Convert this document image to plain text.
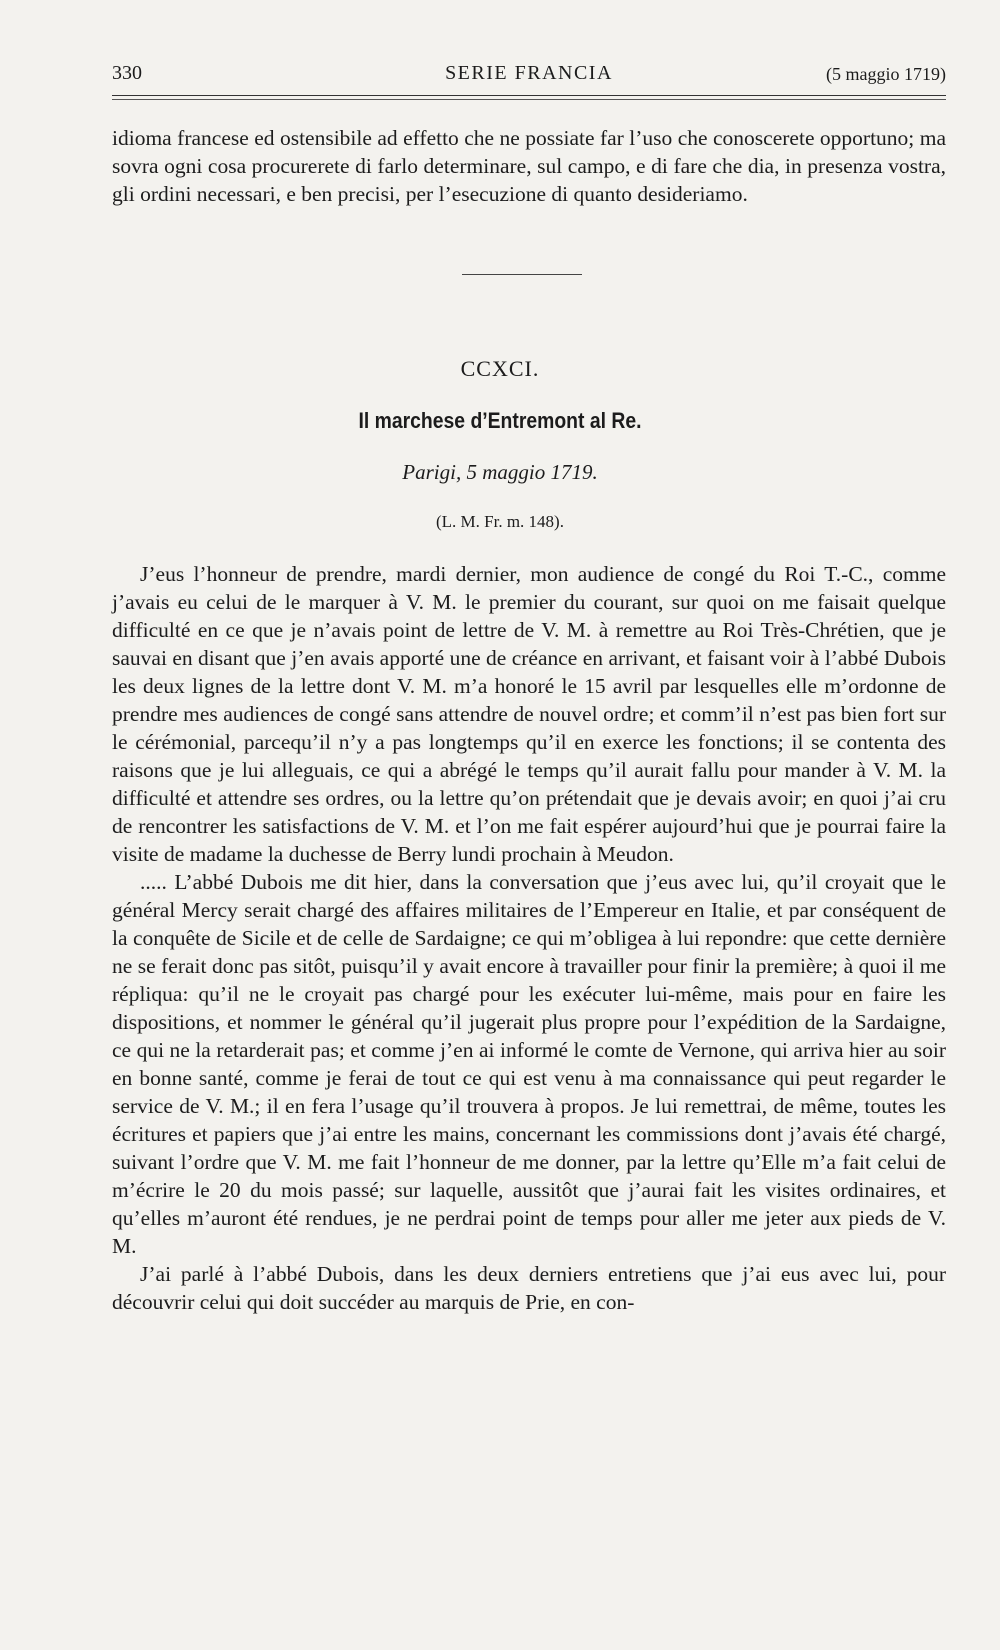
330	SERIE FRANCIA	(5 maggio 1719)

idioma francese ed ostensibile ad effetto che ne possiate far l’uso che conoscerete opportuno; ma sovra ogni cosa procurerete di farlo determinare, sul campo, e di fare che dia, in presenza vostra, gli ordini necessari, e ben precisi, per l’esecuzione di quanto desideriamo.

CCXCI.
Il marchese d’Entremont al Re.
Parigi, 5 maggio 1719.
(L. M. Fr. m. 148).

J’eus l’honneur de prendre, mardi dernier, mon audience de congé du Roi T.-C., comme j’avais eu celui de le marquer à V. M. le premier du courant, sur quoi on me faisait quelque difficulté en ce que je n’avais point de lettre de V. M. à remettre au Roi Très-Chrétien, que je sauvai en disant que j’en avais apporté une de créance en arrivant, et faisant voir à l’abbé Dubois les deux lignes de la lettre dont V. M. m’a honoré le 15 avril par lesquelles elle m’ordonne de prendre mes audiences de congé sans attendre de nouvel ordre; et comm’il n’est pas bien fort sur le cérémonial, parcequ’il n’y a pas longtemps qu’il en exerce les fonctions; il se contenta des raisons que je lui alleguais, ce qui a abrégé le temps qu’il aurait fallu pour mander à V. M. la difficulté et attendre ses ordres, ou la lettre qu’on prétendait que je devais avoir; en quoi j’ai cru de rencontrer les satisfactions de V. M. et l’on me fait espérer aujourd’hui que je pourrai faire la visite de madame la duchesse de Berry lundi prochain à Meudon.

..... L’abbé Dubois me dit hier, dans la conversation que j’eus avec lui, qu’il croyait que le général Mercy serait chargé des affaires militaires de l’Empereur en Italie, et par conséquent de la conquête de Sicile et de celle de Sardaigne; ce qui m’obligea à lui repondre: que cette dernière ne se ferait donc pas sitôt, puisqu’il y avait encore à travailler pour finir la première; à quoi il me répliqua: qu’il ne le croyait pas chargé pour les exécuter lui-même, mais pour en faire les dispositions, et nommer le général qu’il jugerait plus propre pour l’expédition de la Sardaigne, ce qui ne la retarderait pas; et comme j’en ai informé le comte de Vernone, qui arriva hier au soir en bonne santé, comme je ferai de tout ce qui est venu à ma connaissance qui peut regarder le service de V. M.; il en fera l’usage qu’il trouvera à propos. Je lui remettrai, de même, toutes les écritures et papiers que j’ai entre les mains, concernant les commissions dont j’avais été chargé, suivant l’ordre que V. M. me fait l’honneur de me donner, par la lettre qu’Elle m’a fait celui de m’écrire le 20 du mois passé; sur laquelle, aussitôt que j’aurai fait les visites ordinaires, et qu’elles m’auront été rendues, je ne perdrai point de temps pour aller me jeter aux pieds de V. M.

J’ai parlé à l’abbé Dubois, dans les deux derniers entretiens que j’ai eus avec lui, pour découvrir celui qui doit succéder au marquis de Prie, en con-
